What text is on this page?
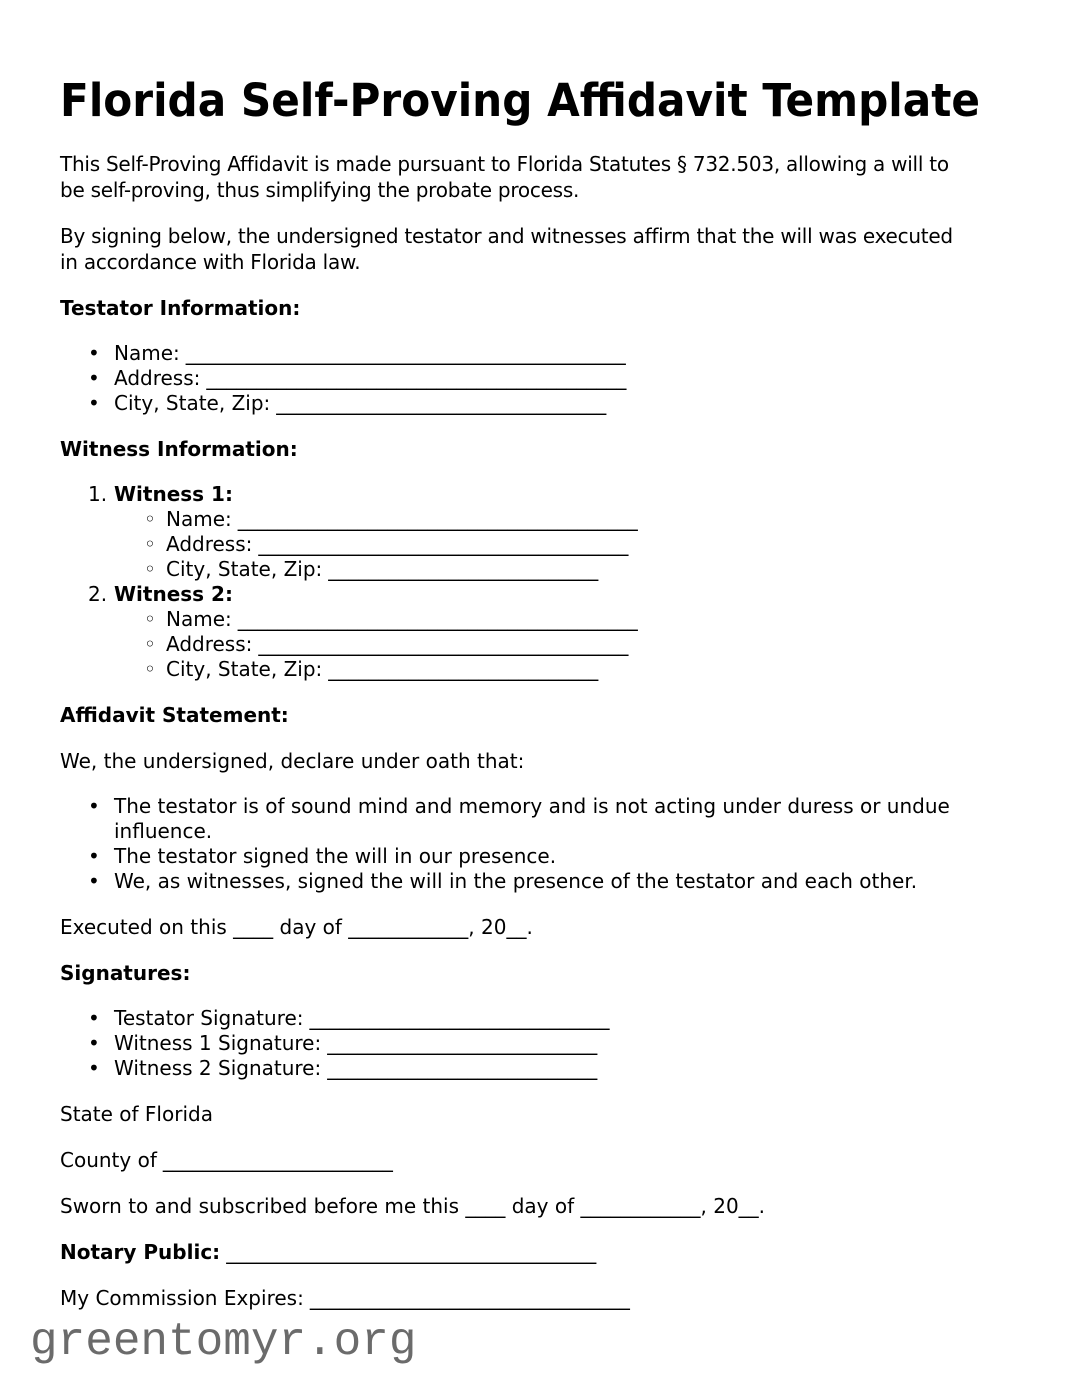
Florida Self-Proving Affidavit Template

This Self-Proving Affidavit is made pursuant to Florida Statutes § 732.503, allowing a will to
be self-proving, thus simplifying the probate process.

By signing below, the undersigned testator and witnesses affirm that the will was executed
in accordance with Florida law.

Testator Information:

• Name: ____________________________________________
• Address: __________________________________________
• City, State, Zip: _________________________________

Witness Information:

1. Witness 1:
◦ Name: ________________________________________
◦ Address: _____________________________________
◦ City, State, Zip: ___________________________
2. Witness 2:
◦ Name: ________________________________________
◦ Address: _____________________________________
◦ City, State, Zip: ___________________________

Affidavit Statement:

We, the undersigned, declare under oath that:

• The testator is of sound mind and memory and is not acting under duress or undue influence.
• The testator signed the will in our presence.
• We, as witnesses, signed the will in the presence of the testator and each other.

Executed on this ____ day of ____________, 20__.

Signatures:

• Testator Signature: ______________________________
• Witness 1 Signature: ___________________________
• Witness 2 Signature: ___________________________

State of Florida

County of _______________________

Sworn to and subscribed before me this ____ day of ____________, 20__.

Notary Public: _____________________________________

My Commission Expires: ________________________________

greentomyr.org
